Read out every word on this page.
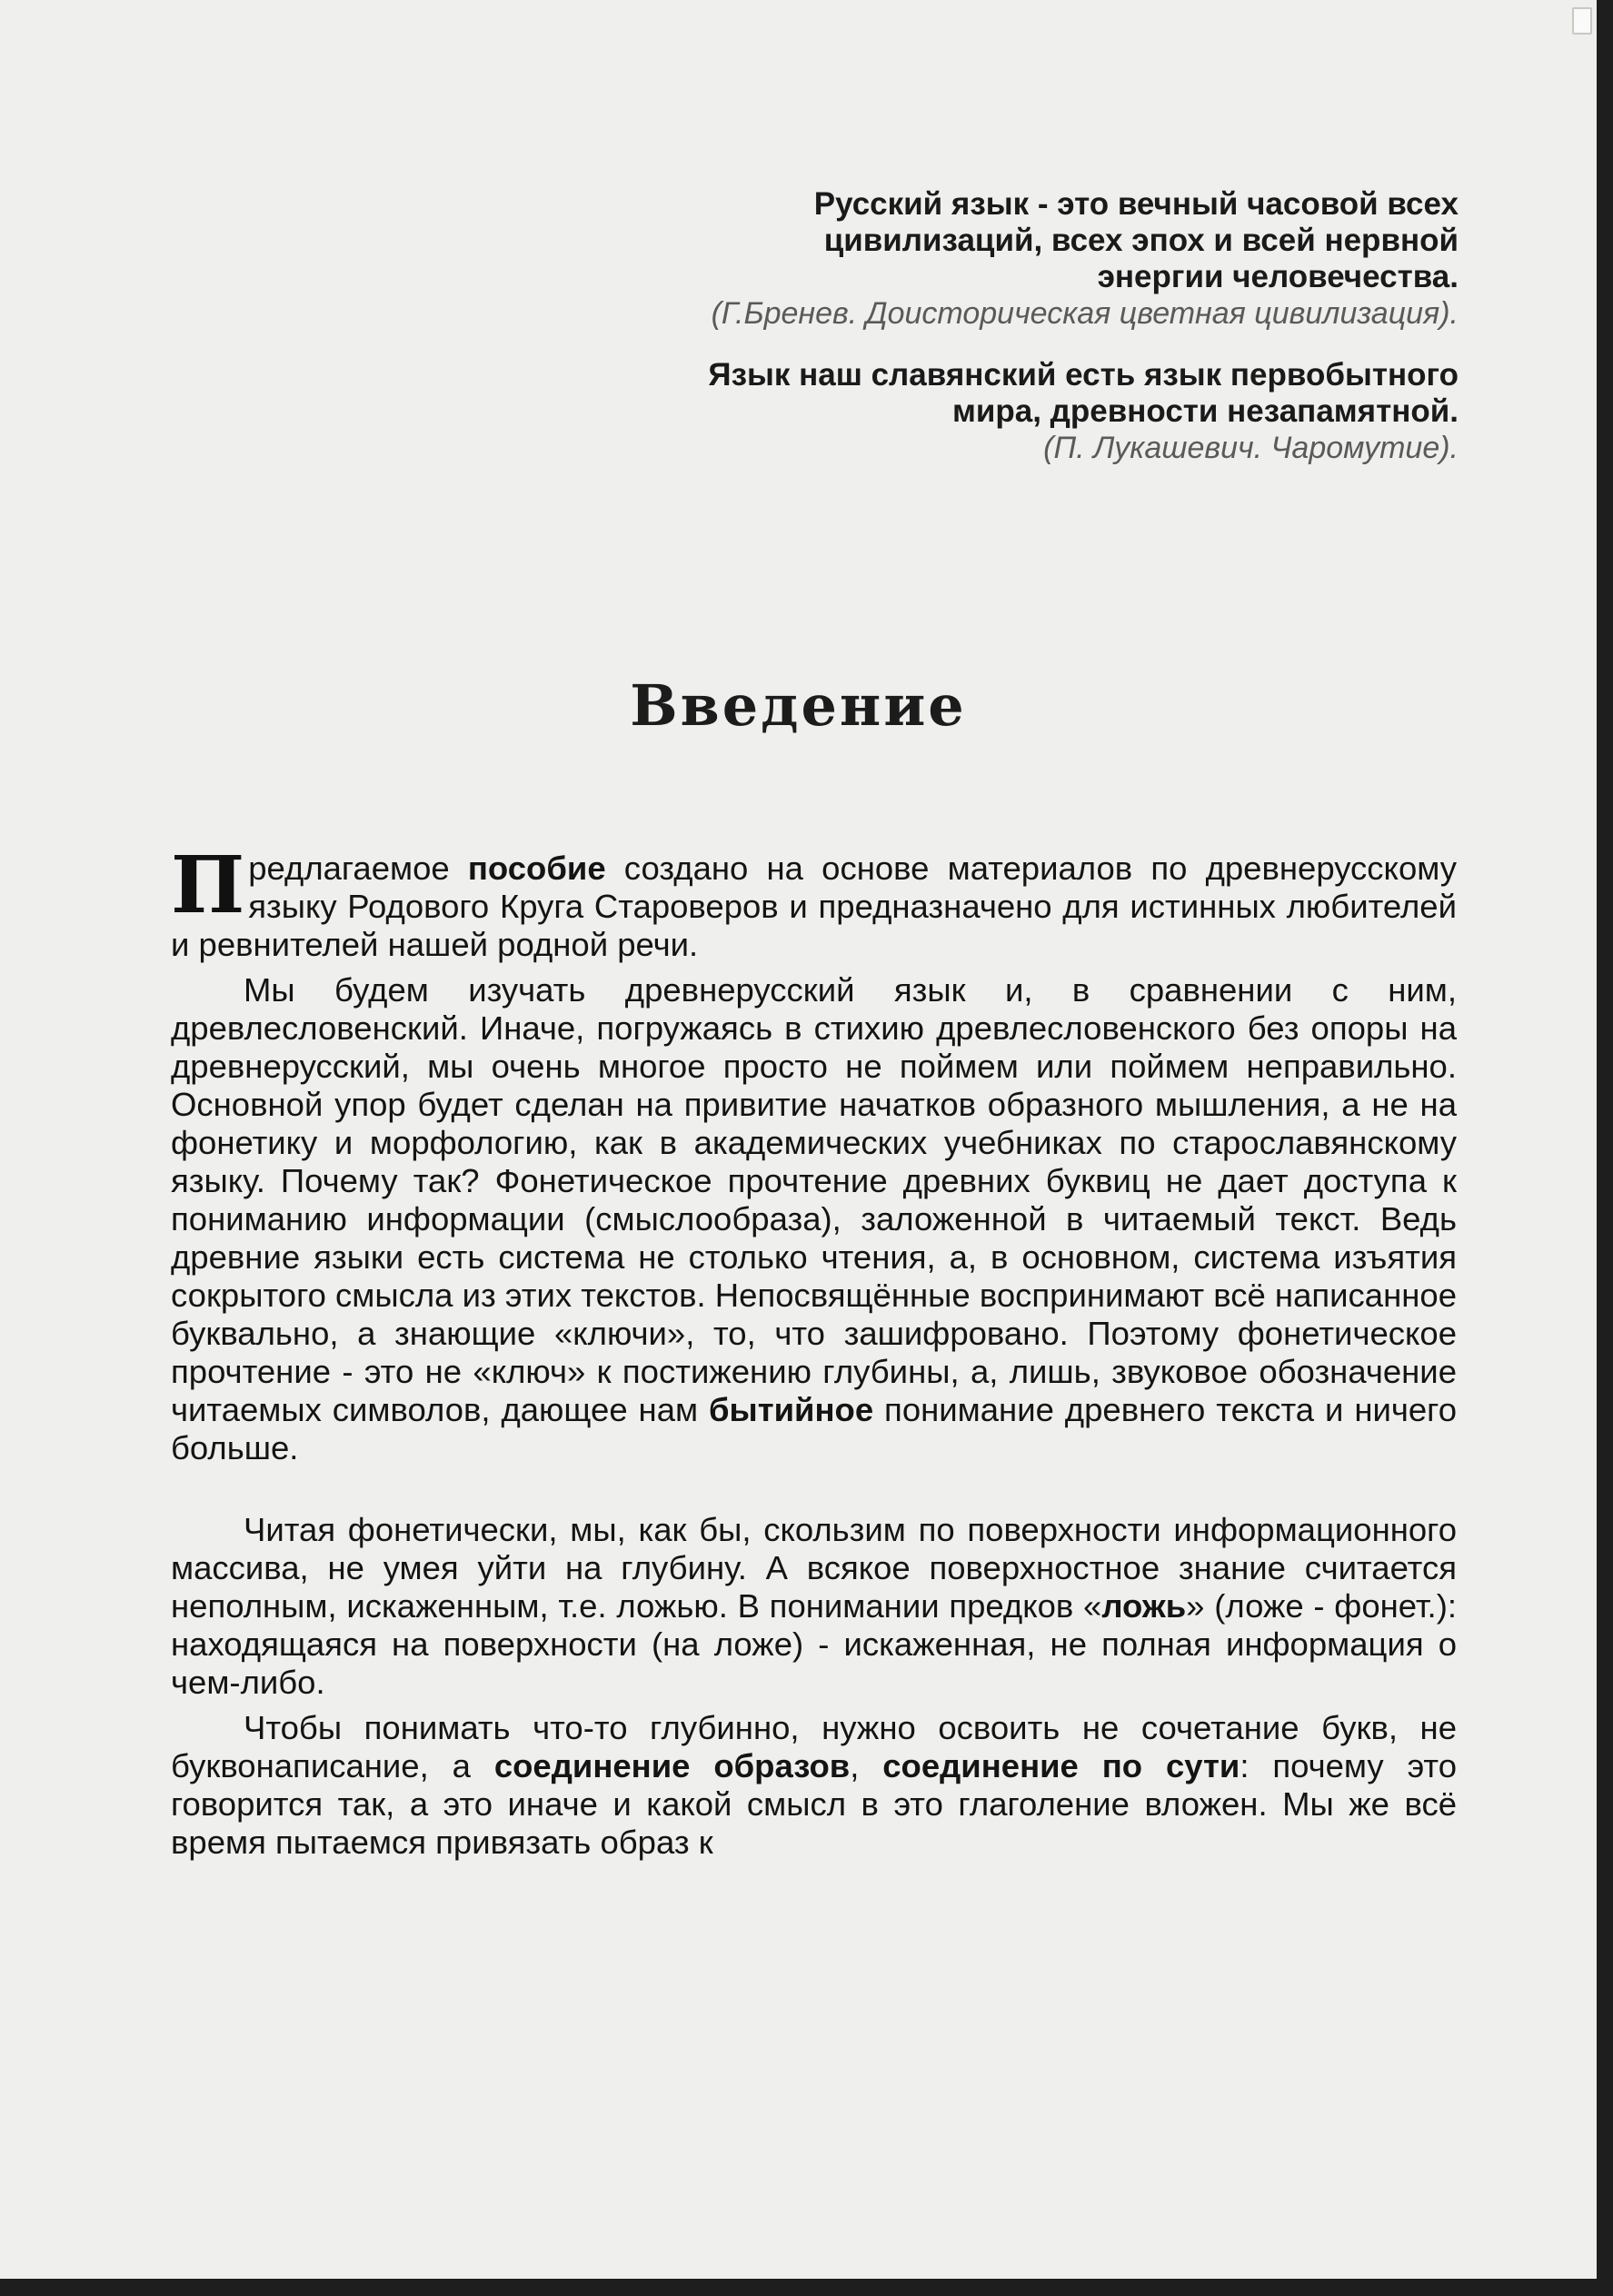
Русский язык - это вечный часовой всех цивилизаций, всех эпох и всей нервной энергии человечества.

(Г.Бренев. Доисторическая цветная цивилизация).

Язык наш славянский есть язык первобытного мира, древности незапамятной.

(П. Лукашевич. Чаромутие).

Введение

Предлагаемое пособие создано на основе материалов по древнерусскому языку Родового Круга Староверов и предназначено для истинных любителей и ревнителей нашей родной речи.

Мы будем изучать древнерусский язык и, в сравнении с ним, древлесловенский. Иначе, погружаясь в стихию древлесловенского без опоры на древнерусский, мы очень многое просто не поймем или поймем неправильно. Основной упор будет сделан на привитие начатков образного мышления, а не на фонетику и морфологию, как в академических учебниках по старославянскому языку. Почему так? Фонетическое прочтение древних буквиц не дает доступа к пониманию информации (смыслообраза), заложенной в читаемый текст. Ведь древние языки есть система не столько чтения, а, в основном, система изъятия сокрытого смысла из этих текстов. Непосвящённые воспринимают всё написанное буквально, а знающие «ключи», то, что зашифровано. Поэтому фонетическое прочтение - это не «ключ» к постижению глубины, а, лишь, звуковое обозначение читаемых символов, дающее нам бытийное понимание древнего текста и ничего больше.

Читая фонетически, мы, как бы, скользим по поверхности информационного массива, не умея уйти на глубину. А всякое поверхностное знание считается неполным, искаженным, т.е. ложью. В понимании предков «ложь» (ложе - фонет.): находящаяся на поверхности (на ложе) - искаженная, не полная информация о чем-либо.

Чтобы понимать что-то глубинно, нужно освоить не сочетание букв, не буквонаписание, а соединение образов, соединение по сути: почему это говорится так, а это иначе и какой смысл в это глаголение вложен. Мы же всё время пытаемся привязать образ к
